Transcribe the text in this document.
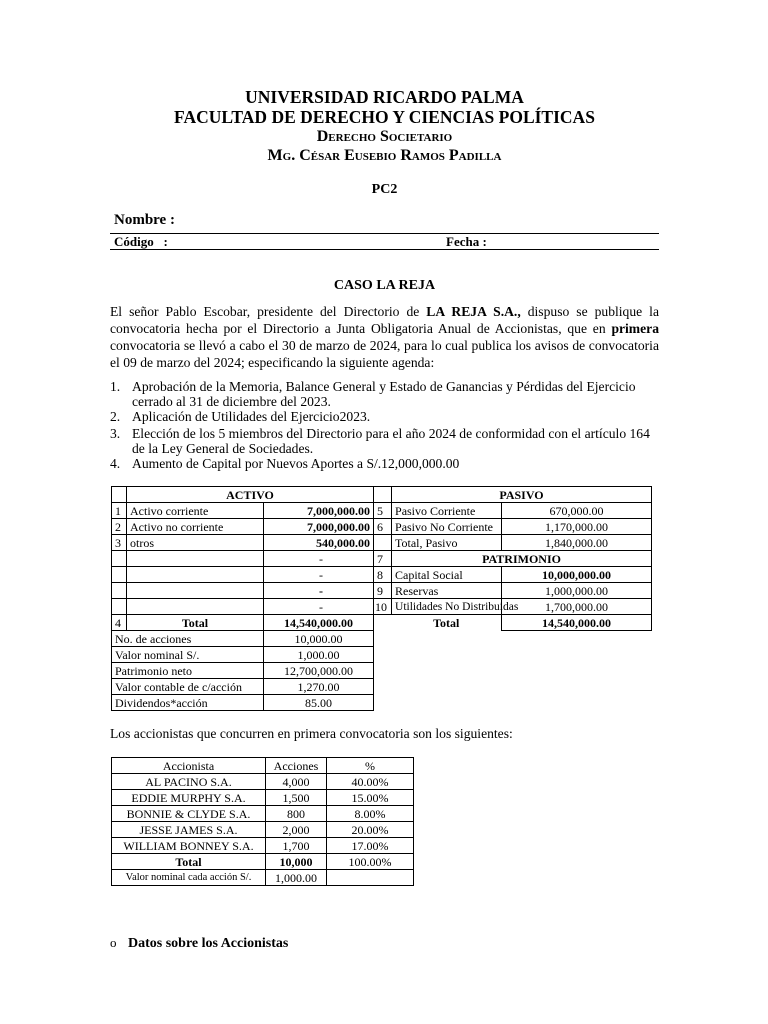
UNIVERSIDAD RICARDO PALMA
FACULTAD DE DERECHO Y CIENCIAS POLÍTICAS
Derecho Societario
Mg. César Eusebio Ramos Padilla
PC2
Nombre :
Código   :	Fecha :
CASO LA REJA
El señor Pablo Escobar, presidente del Directorio de LA REJA S.A., dispuso se publique la convocatoria hecha por el Directorio a Junta Obligatoria Anual de Accionistas, que en primera convocatoria se llevó a cabo el 30 de marzo de 2024, para lo cual publica los avisos de convocatoria el 09 de marzo del 2024; especificando la siguiente agenda:
1. Aprobación de la Memoria, Balance General y Estado de Ganancias y Pérdidas del Ejercicio cerrado al 31 de diciembre del 2023.
2. Aplicación de Utilidades del Ejercicio2023.
3. Elección de los 5 miembros del Directorio para el año 2024 de conformidad con el artículo 164 de la Ley General de Sociedades.
4. Aumento de Capital por Nuevos Aportes a S/.12,000,000.00
	ACTIVO			PASIVO	
1	Activo corriente	7,000,000.00	5	Pasivo Corriente	670,000.00
2	Activo no corriente	7,000,000.00	6	Pasivo No Corriente	1,170,000.00
3	otros	540,000.00		Total, Pasivo	1,840,000.00
		-	7	PATRIMONIO	
		-	8	Capital Social	10,000,000.00
		-	9	Reservas	1,000,000.00
		-	10	Utilidades No Distribuidas	1,700,000.00
4	Total	14,540,000.00		Total	14,540,000.00
No. de acciones		10,000.00			
Valor nominal S/.		1,000.00			
Patrimonio neto		12,700,000.00			
Valor contable de c/acción		1,270.00			
Dividendos*acción		85.00			
Los accionistas que concurren en primera convocatoria son los siguientes:
Accionista	Acciones	%
AL PACINO S.A.	4,000	40.00%
EDDIE MURPHY S.A.	1,500	15.00%
BONNIE & CLYDE S.A.	800	8.00%
JESSE JAMES S.A.	2,000	20.00%
WILLIAM BONNEY S.A.	1,700	17.00%
Total	10,000	100.00%
Valor nominal cada acción S/.	1,000.00	
o Datos sobre los Accionistas
